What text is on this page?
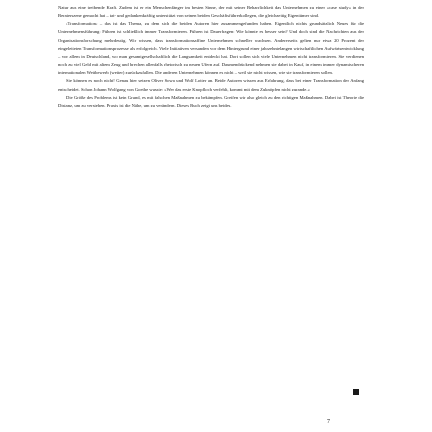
Natur aus eine treibende Kraft. Zudem ist er ein Menschenfänger im besten Sinne, der mit seiner Beharrlichkeit das Unternehmen zu einer »case study« in der Beraterszene gemacht hat – tat- und gedankenkräftig unterstützt von seinen beiden Geschäftsführerkollegen, die gleichzeitig Eigentümer sind.

›Transformation‹ – das ist das Thema, zu dem sich die beiden Autoren hier zusammengefunden haben. Eigentlich nichts grundsätzlich Neues für die Unternehmensführung: Führen ist schließlich immer Transformieren. Führen ist Dauerfragen: Wie könnte es besser sein? Und doch sind die Nachrichten aus der Organisationsforschung mehrdeutig. Wir wissen, dass transformationsaffine Unternehmen schneller wachsen. Andererseits gelten nur etwa 20 Prozent der eingeleiteten Transformationsprozesse als erfolgreich. Viele Initiativen versanden vor dem Hintergrund einer jahrzehntelangen wirtschaftlichen Aufwärtsentwicklung – vor allem in Deutschland, wo man gesamtgesellschaftlich die Langsamkeit entdeckt hat. Dort sollen sich viele Unternehmen nicht transformieren. Sie verdienen noch zu viel Geld mit altem Zeug und brechen allenfalls rhetorisch zu neuen Ufern auf. Daumendrückend nehmen sie dabei in Kauf, in einem immer dynamischeren internationalen Wettbewerb (weiter) zurückzufallen. Die anderen Unternehmen können es nicht – weil sie nicht wissen, wie sie transformieren sollen.

Sie können es noch nicht! Genau hier setzen Oliver Sowa und Wolf Lotter an. Beide Autoren wissen aus Erfahrung, dass bei einer Transformation der Anfang entscheidet. Schon Johann Wolfgang von Goethe wusste: »Wer das erste Knopfloch verfehlt, kommt mit dem Zuknöpfen nicht zurande.«

Die Größe des Problems ist kein Grund, es mit falschen Maßnahmen zu bekämpfen. Greifen wir also gleich zu den richtigen Maßnahmen. Dabei ist Theorie die Distanz, um zu verstehen. Praxis ist die Nähe, um zu verändern. Dieses Buch zeigt uns beides.

7
